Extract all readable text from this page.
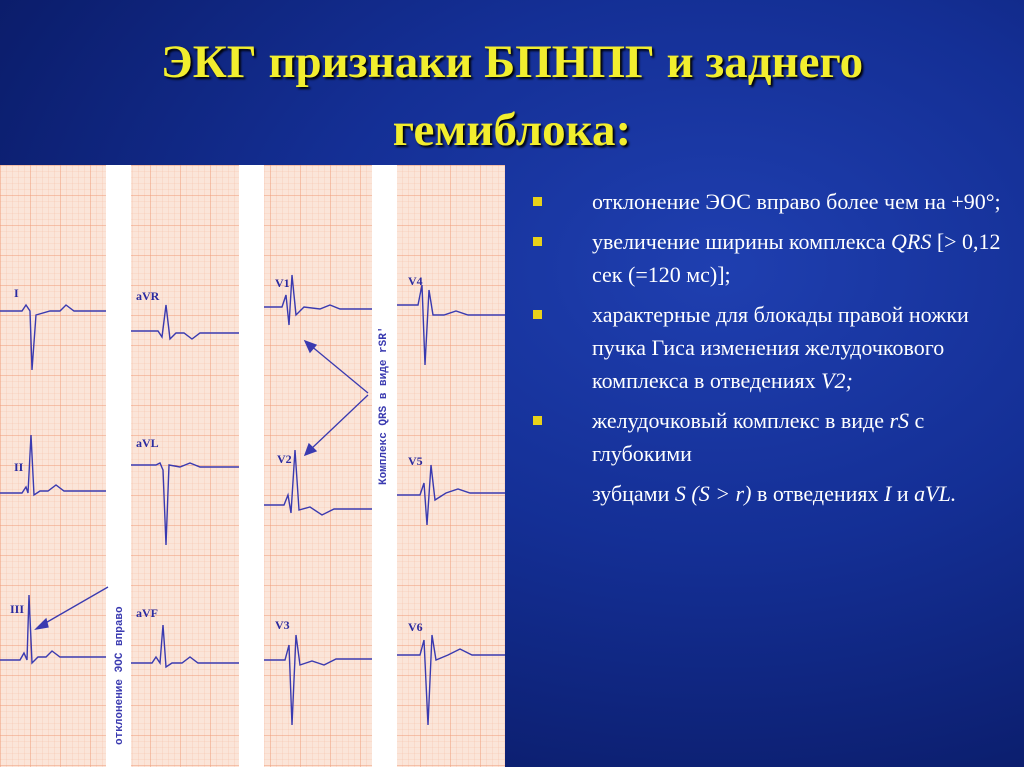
ЭКГ признаки БПНПГ и заднего
гемиблока:
I
II
III
aVR
aVL
aVF
V1
V2
V3
V4
V5
V6
отклонение ЭОС вправо
Комплекс QRS в виде rSR'
отклонение ЭОС вправо более чем на +90°;
увеличение ширины комплекса QRS [> 0,12 сек (=120 мс)];
характерные для блокады правой ножки пучка Гиса изменения желудочкового комплекса в отведениях V2;
желудочковый комплекс в виде rS с глубокими
зубцами S (S > r) в отведениях I и aVL.
